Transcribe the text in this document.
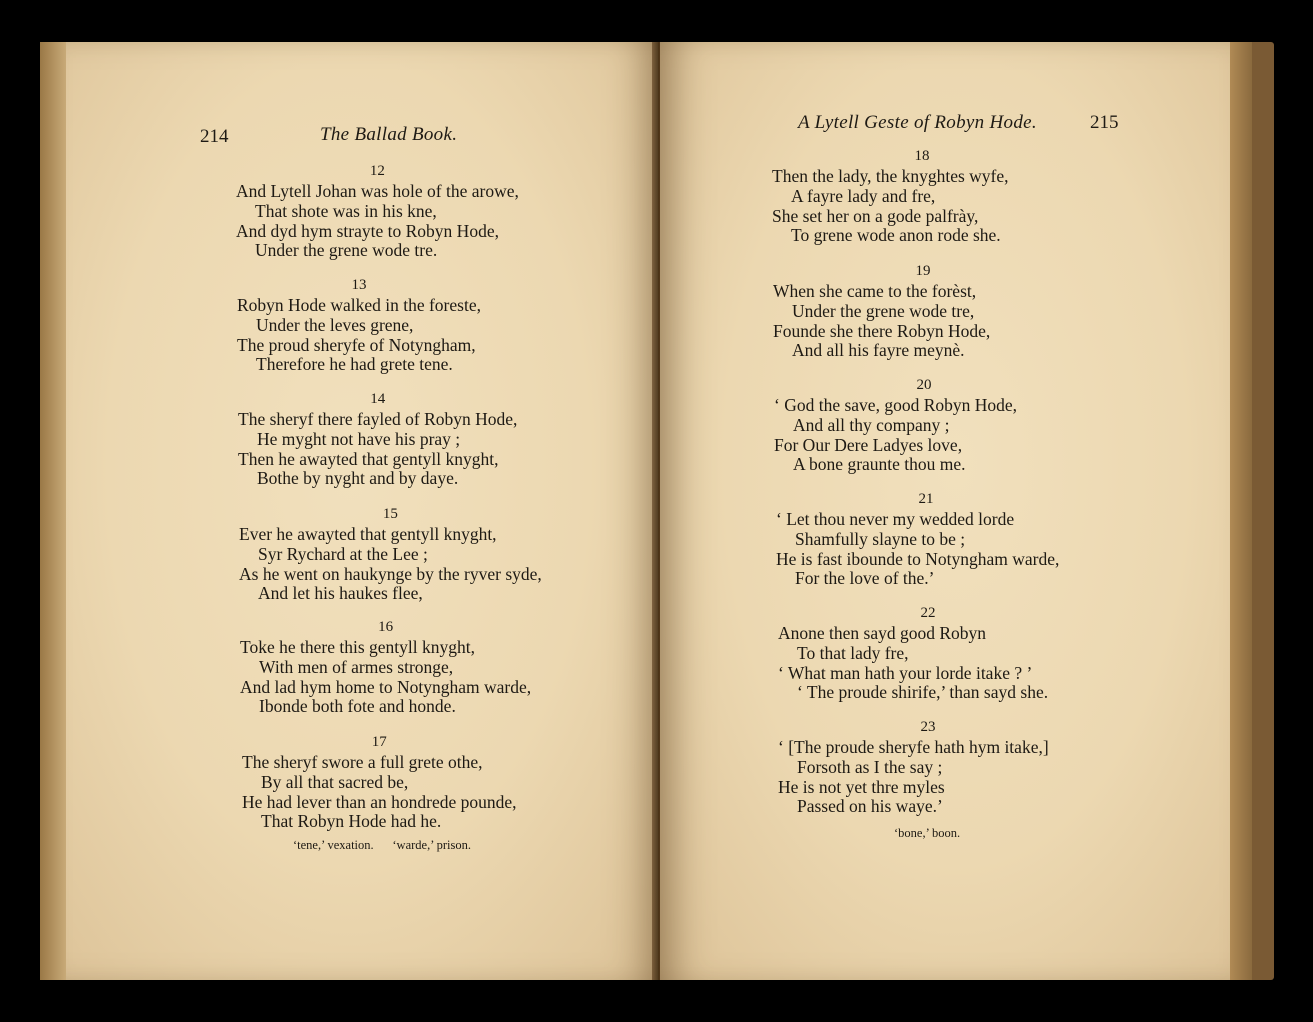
214	The Ballad Book.
12
And Lytell Johan was hole of the arowe,
That shote was in his kne,
And dyd hym strayte to Robyn Hode,
Under the grene wode tre.
13
Robyn Hode walked in the foreste,
Under the leves grene,
The proud sheryfe of Notyngham,
Therefore he had grete tene.
14
The sheryf there fayled of Robyn Hode,
He myght not have his pray ;
Then he awayted that gentyll knyght,
Bothe by nyght and by daye.
15
Ever he awayted that gentyll knyght,
Syr Rychard at the Lee ;
As he went on haukynge by the ryver syde,
And let his haukes flee,
16
Toke he there this gentyll knyght,
With men of armes stronge,
And lad hym home to Notyngham warde,
Ibonde both fote and honde.
17
The sheryf swore a full grete othe,
By all that sacred be,
He had lever than an hondrede pounde,
That Robyn Hode had he.
‘tene,’ vexation.      ‘warde,’ prison.
A Lytell Geste of Robyn Hode.	215
18
Then the lady, the knyghtes wyfe,
A fayre lady and fre,
She set her on a gode palfrày,
To grene wode anon rode she.
19
When she came to the forèst,
Under the grene wode tre,
Founde she there Robyn Hode,
And all his fayre meynè.
20
‘ God the save, good Robyn Hode,
And all thy company ;
For Our Dere Ladyes love,
A bone graunte thou me.
21
‘ Let thou never my wedded lorde
Shamfully slayne to be ;
He is fast ibounde to Notyngham warde,
For the love of the.’
22
Anone then sayd good Robyn
To that lady fre,
‘ What man hath your lorde itake ? ’
‘ The proude shirife,’ than sayd she.
23
‘ [The proude sheryfe hath hym itake,]
Forsoth as I the say ;
He is not yet thre myles
Passed on his waye.’
‘bone,’ boon.
